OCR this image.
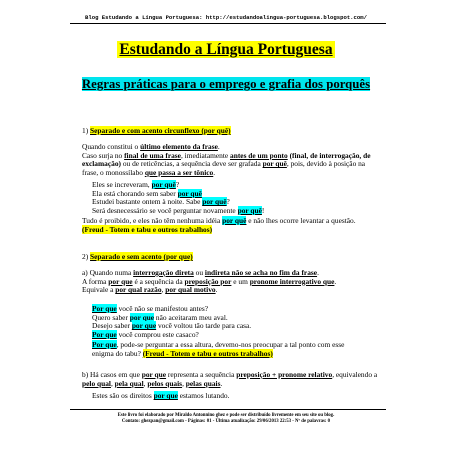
Blog Estudando a Língua Portuguesa: http://estudandoalingua-portuguesa.blogspot.com/
Estudando a Língua Portuguesa
Regras práticas para o emprego e grafia dos porquês
1) Separado e com acento circunflexo (por quê)
Quando constitui o último elemento da frase.
Caso surja no final de uma frase, imediatamente antes de um ponto (final, de interrogação, de
exclamação) ou de reticências, a sequência deve ser grafada por quê, pois, devido à posição na
frase, o monossílabo que passa a ser tônico.
Eles se increveram, por quê?
Ela está chorando sem saber por quê
Estudei bastante ontem à noite. Sabe por quê?
Será desnecessário se você perguntar novamente por quê!
Tudo é proibido, e eles não têm nenhuma idéia por quê e não lhes ocorre levantar a questão.
(Freud - Totem e tabu e outros trabalhos)
2) Separado e sem acento (por que)
a) Quando numa interrogação direta ou indireta não se acha no fim da frase.
A forma por que é a sequência da preposição por e um pronome interrogativo que.
Equivale a por qual razão, por qual motivo.
Por que você não se manifestou antes?
Quero saber por que não aceitaram meu aval.
Desejo saber por que você voltou tão tarde para casa.
Por que você comprou este casaco?
Por que, pode-se perguntar a essa altura, devemo-nos preocupar a tal ponto com esse
enigma do tabu? (Freud - Totem e tabu e outros trabalhos)
b) Há casos em que por que representa a sequência preposição + pronome relativo, equivalendo a
pelo qual, pela qual, pelos quais, pelas quais.
Estes são os direitos por que estamos lutando.
Este livro foi elaborado por Miraldo Antonnino ghez e pode ser distribuído livremente em seu site ou blog.
Contato: ghezpan@gmail.com - Páginas: 01 - Última atualização: 29/06/2013 22:53 - Nº de palavras: 0
